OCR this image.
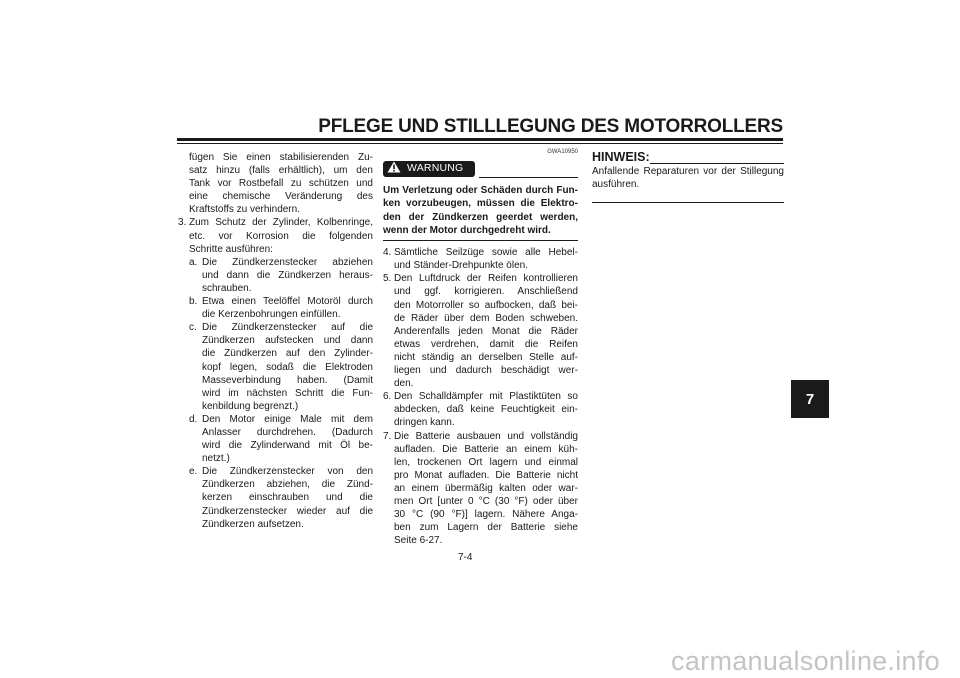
PFLEGE UND STILLLEGUNG DES MOTORROLLERS

fügen Sie einen stabilisierenden Zu-

satz hinzu (falls erhältlich), um den

Tank vor Rostbefall zu schützen und

eine chemische Veränderung des

Kraftstoffs zu verhindern.

3. Zum Schutz der Zylinder, Kolbenringe,

etc. vor Korrosion die folgenden

Schritte ausführen:

a. Die Zündkerzenstecker abziehen

und dann die Zündkerzen heraus-

schrauben.

b. Etwa einen Teelöffel Motoröl durch

die Kerzenbohrungen einfüllen.

c. Die Zündkerzenstecker auf die

Zündkerzen aufstecken und dann

die Zündkerzen auf den Zylinder-

kopf legen, sodaß die Elektroden

Masseverbindung haben. (Damit

wird im nächsten Schritt die Fun-

kenbildung begrenzt.)

d. Den Motor einige Male mit dem

Anlasser durchdrehen. (Dadurch

wird die Zylinderwand mit Öl be-

netzt.)

e. Die Zündkerzenstecker von den

Zündkerzen abziehen, die Zünd-

kerzen einschrauben und die

Zündkerzenstecker wieder auf die

Zündkerzen aufsetzen.

GWA10950
WARNUNG

Um Verletzung oder Schäden durch Fun-

ken vorzubeugen, müssen die Elektro-

den der Zündkerzen geerdet werden,

wenn der Motor durchgedreht wird.

4. Sämtliche Seilzüge sowie alle Hebel-

und Ständer-Drehpunkte ölen.

5. Den Luftdruck der Reifen kontrollieren

und ggf. korrigieren. Anschließend

den Motorroller so aufbocken, daß bei-

de Räder über dem Boden schweben.

Anderenfalls jeden Monat die Räder

etwas verdrehen, damit die Reifen

nicht ständig an derselben Stelle auf-

liegen und dadurch beschädigt wer-

den.

6. Den Schalldämpfer mit Plastiktüten so

abdecken, daß keine Feuchtigkeit ein-

dringen kann.

7. Die Batterie ausbauen und vollständig

aufladen. Die Batterie an einem küh-

len, trockenen Ort lagern und einmal

pro Monat aufladen. Die Batterie nicht

an einem übermäßig kalten oder war-

men Ort [unter 0 °C (30 °F) oder über

30 °C (90 °F)] lagern. Nähere Anga-

ben zum Lagern der Batterie siehe

Seite 6-27.

HINWEIS:

Anfallende Reparaturen vor der Stillegung

ausführen.

7
7-4
carmanualsonline.info
